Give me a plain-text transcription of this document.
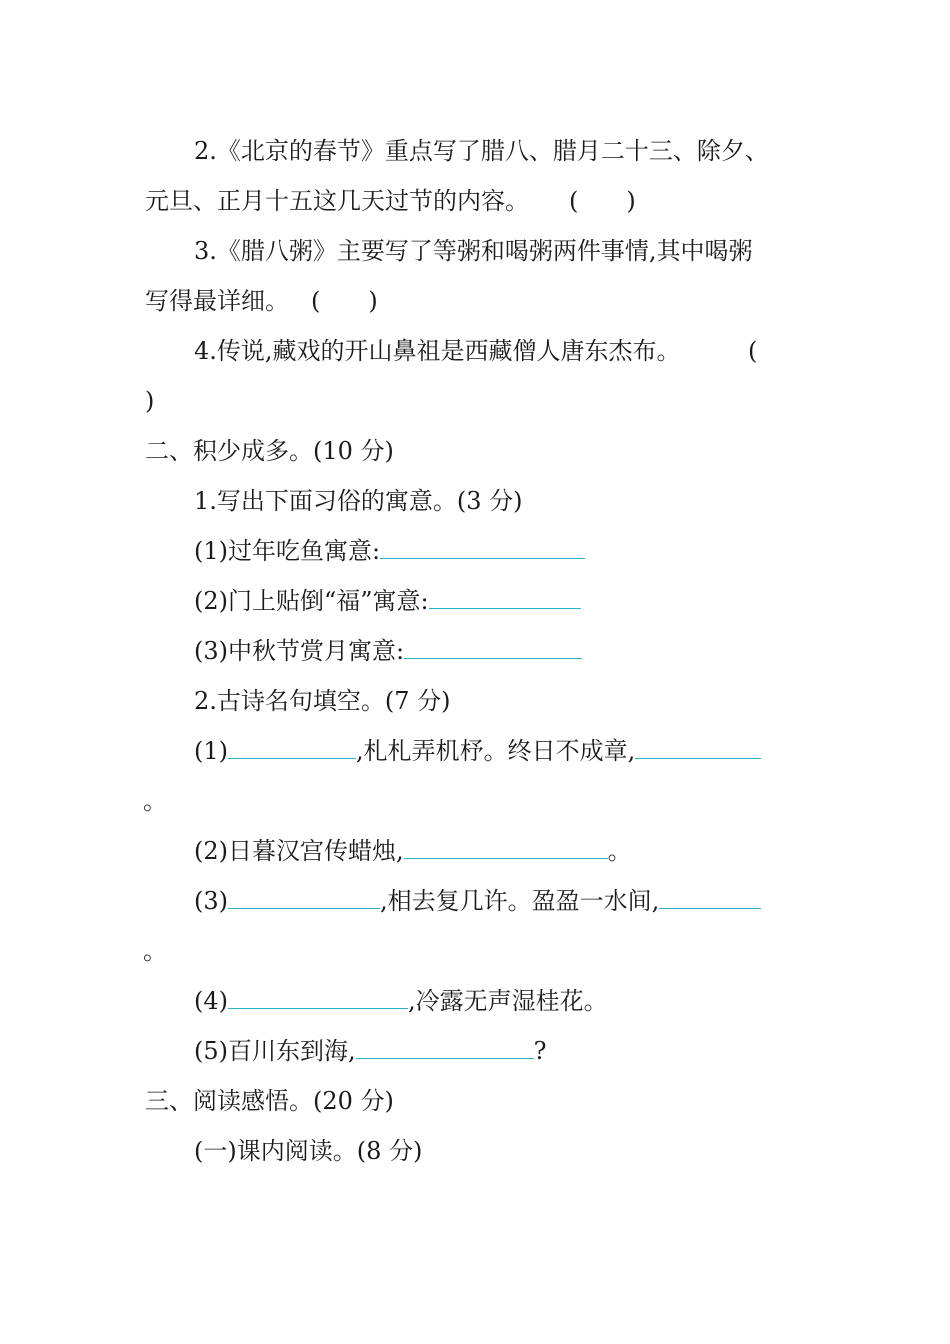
2.《北京的春节》重点写了腊八、腊月二十三、除夕、
元旦、正月十五这几天过节的内容。 (　　)
3.《腊八粥》主要写了等粥和喝粥两件事情,其中喝粥
写得最详细。 (　　)
4.传说,藏戏的开山鼻祖是西藏僧人唐东杰布。	(
)
二、积少成多。(10 分)
1.写出下面习俗的寓意。(3 分)
(1)过年吃鱼寓意:
(2)门上贴倒“福”寓意:
(3)中秋节赏月寓意:
2.古诗名句填空。(7 分)
(1)	,札札弄机杼。终日不成章,
。
(2)日暮汉宫传蜡烛,	。
(3)	,相去复几许。盈盈一水间,
。
(4)	,冷露无声湿桂花。
(5)百川东到海,	?
三、阅读感悟。(20 分)
(一)课内阅读。(8 分)
